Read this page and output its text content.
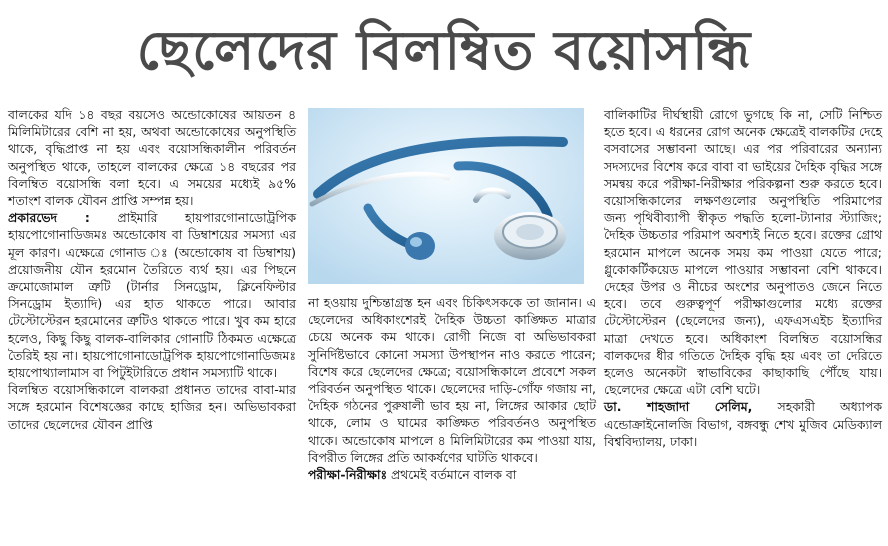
ছেলেদের বিলম্বিত বয়োসন্ধি

বালকের যদি ১৪ বছর বয়সেও অন্ডোকোষের আয়তন ৪ মিলিমিটারের বেশি না হয়, অথবা অন্ডোকোষের অনুপস্থিতি থাকে, বৃদ্ধিপ্রাপ্ত না হয় এবং বয়োসন্ধিকালীন পরিবর্তন অনুপস্থিত থাকে, তাহলে বালকের ক্ষেত্রে ১৪ বছরের পর বিলম্বিত বয়োসন্ধি বলা হবে। এ সময়ের মধ্যেই ৯৫% শতাংশ বালক যৌবন প্রাপ্তি সম্পন্ন হয়।

প্রকারভেদ : প্রাইমারি হায়পারগোনাডোট্রপিক হায়পোগোনাডিজমঃ অন্ডোকোষ বা ডিম্বাশয়ের সমস্যা এর মূল কারণ। এক্ষেত্রে গোনাড ঃ (অন্ডোকোষ বা ডিম্বাশয়) প্রয়োজনীয় যৌন হরমোন তৈরিতে ব্যর্থ হয়। এর পিছনে ক্রমোজোমাল ত্রুটি (টার্নার সিনড্রোম, ক্লিনেফিল্টার সিনড্রোম ইত্যাদি) এর হাত থাকতে পারে। আবার টেস্টোস্টেরন হরমোনের ত্রুটিও থাকতে পারে। খুব কম হারে হলেও, কিছু কিছু বালক-বালিকার গোনাটি ঠিকমত এক্ষেত্রে তৈরিই হয় না। হায়পোগোনাডোট্রপিক হায়পোগোনাডিজমঃ হায়পোথ্যালামাস বা পিটুইটারিতে প্রধান সমস্যাটি থাকে।

বিলম্বিত বয়োসন্ধিকালে বালকরা প্রধানত তাদের বাবা-মার সঙ্গে হরমোন বিশেষজ্ঞের কাছে হাজির হন। অভিভাবকরা তাদের ছেলেদের যৌবন প্রাপ্তি

না হওয়ায় দুশ্চিন্তাগ্রস্ত হন এবং চিকিৎসককে তা জানান। এ ছেলেদের অধিকাংশেরই দৈহিক উচ্চতা কাঙ্ক্ষিত মাত্রার চেয়ে অনেক কম থাকে। রোগী নিজে বা অভিভাবকরা সুনির্দিষ্টভাবে কোনো সমস্যা উপস্থাপন নাও করতে পারেন; বিশেষ করে ছেলেদের ক্ষেত্রে; বয়োসন্ধিকালে প্রবেশে সকল পরিবর্তন অনুপস্থিত থাকে। ছেলেদের দাড়ি-গোঁফ গজায় না, দৈহিক গঠনের পুরুষালী ভাব হয় না, লিঙ্গের আকার ছোট থাকে, লোম ও ঘামের কাঙ্ক্ষিত পরিবর্তনও অনুপস্থিত থাকে। অন্ডোকোষ মাপলে ৪ মিলিমিটারের কম পাওয়া যায়, বিপরীত লিঙ্গের প্রতি আকর্ষণের ঘাটতি থাকবে।

পরীক্ষা-নিরীক্ষাঃ প্রথমেই বর্তমানে বালক বা

বালিকাটির দীর্ঘস্থায়ী রোগে ভুগছে কি না, সেটি নিশ্চিত হতে হবে। এ ধরনের রোগ অনেক ক্ষেত্রেই বালকটির দেহে বসবাসের সম্ভাবনা আছে। এর পর পরিবারের অন্যান্য সদস্যদের বিশেষ করে বাবা বা ভাইয়ের দৈহিক বৃদ্ধির সঙ্গে সমন্বয় করে পরীক্ষা-নিরীক্ষার পরিকল্পনা শুরু করতে হবে। বয়োসন্ধিকালের লক্ষণগুলোর অনুপস্থিতি পরিমাপের জন্য পৃথিবীব্যাপী স্বীকৃত পদ্ধতি হলো-ট্যানার স্ট্যাজিং; দৈহিক উচ্চতার পরিমাপ অবশ্যই নিতে হবে। রক্তের গ্রোথ হরমোন মাপলে অনেক সময় কম পাওয়া যেতে পারে; গ্লুকোকর্টিকয়েড মাপলে পাওয়ার সম্ভাবনা বেশি থাকবে। দেহের উপর ও নীচের অংশের অনুপাতও জেনে নিতে হবে। তবে গুরুত্বপূর্ণ পরীক্ষাগুলোর মধ্যে রক্তের টেস্টোস্টেরন (ছেলেদের জন্য), এফএসএইচ ইত্যাদির মাত্রা দেখতে হবে। অধিকাংশ বিলম্বিত বয়োসন্ধির বালকদের ধীর গতিতে দৈহিক বৃদ্ধি হয় এবং তা দেরিতে হলেও অনেকটা স্বাভাবিকের কাছাকাছি পৌঁছে যায়। ছেলেদের ক্ষেত্রে এটা বেশি ঘটে।

ডা. শাহজাদা সেলিম, সহকারী অধ্যাপক এন্ডোক্রাইনোলজি বিভাগ, বঙ্গবন্ধু শেখ মুজিব মেডিক্যাল বিশ্ববিদ্যালয়, ঢাকা।
